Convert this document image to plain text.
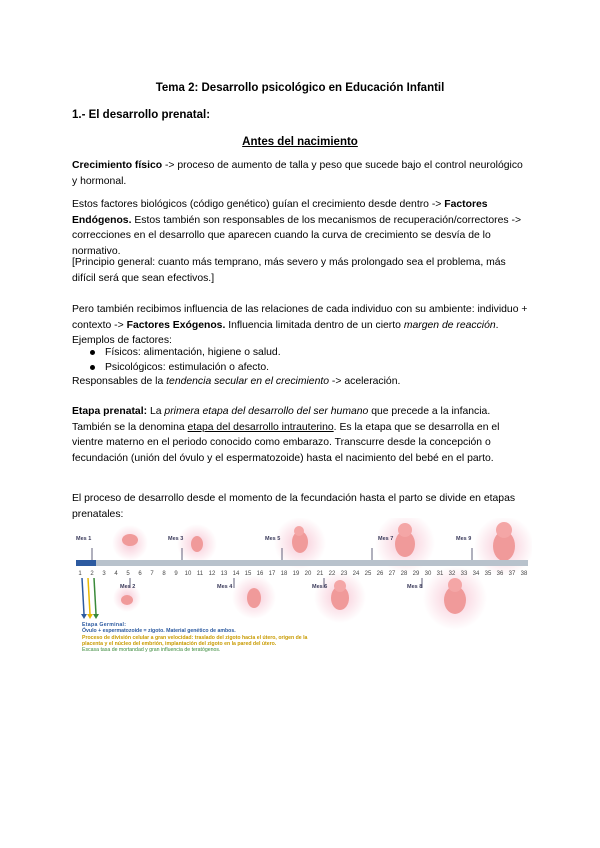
Tema 2: Desarrollo psicológico en Educación Infantil
1.- El desarrollo prenatal:
Antes del nacimiento
Crecimiento físico -> proceso de aumento de talla y peso que sucede bajo el control neurológico y hormonal.
Estos factores biológicos (código genético) guían el crecimiento desde dentro -> Factores Endógenos. Estos también son responsables de los mecanismos de recuperación/correctores -> correcciones en el desarrollo que aparecen cuando la curva de crecimiento se desvía de lo normativo.
[Principio general: cuanto más temprano, más severo y más prolongado sea el problema, más difícil será que sean efectivos.]
Pero también recibimos influencia de las relaciones de cada individuo con su ambiente: individuo + contexto -> Factores Exógenos. Influencia limitada dentro de un cierto margen de reacción. Ejemplos de factores:
Físicos: alimentación, higiene o salud.
Psicológicos: estimulación o afecto.
Responsables de la tendencia secular en el crecimiento -> aceleración.
Etapa prenatal: La primera etapa del desarrollo del ser humano que precede a la infancia. También se la denomina etapa del desarrollo intrauterino. Es la etapa que se desarrolla en el vientre materno en el periodo conocido como embarazo. Transcurre desde la concepción o fecundación (unión del óvulo y el espermatozoide) hasta el nacimiento del bebé en el parto.
El proceso de desarrollo desde el momento de la fecundación hasta el parto se divide en etapas prenatales:
1 2 3 4 5 6 7 8 9 10 11 12 13 14 15 16 17 18 19 20 21 22 23 24 25 26 27 28 29 30 31 32 33 34 35 36 37 38
Mes 1	Mes 3	Mes 5	Mes 7	Mes 9
Mes 2	Mes 4	Mes 6	Mes 8
Etapa Germinal:
Óvulo + espermatozoide = zigoto. Material genético de ambos.
Proceso de división celular a gran velocidad: traslado del zigoto hacia el útero, origen de la placenta y el núcleo del embrión, implantación del zigoto en la pared del útero.
Escasa tasa de mortandad y gran influencia de teratógenos.
